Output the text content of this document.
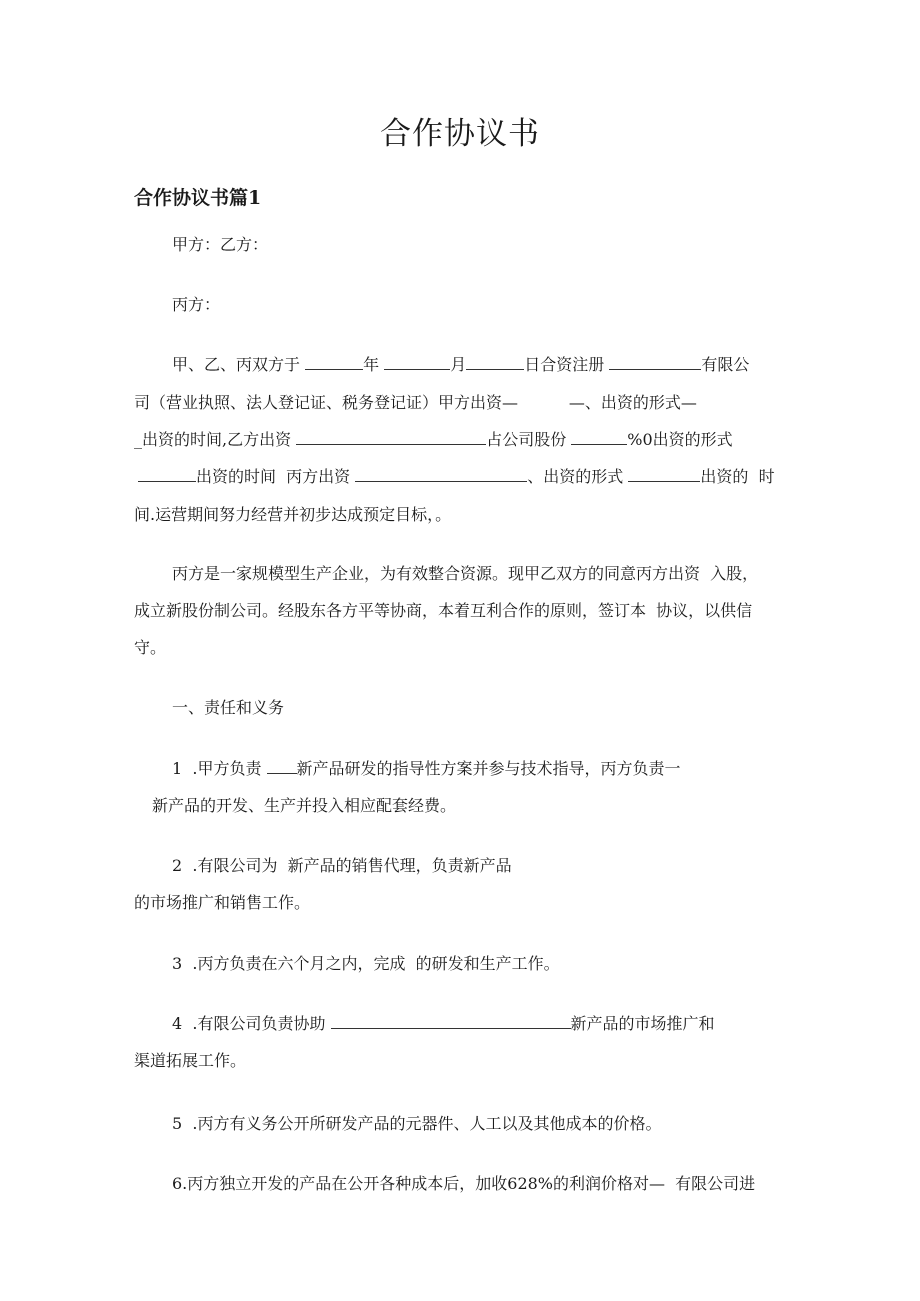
合作协议书
合作协议书篇1
甲方：乙方：
丙方：
甲、乙、丙双方于	年	月	日合资注册	有限公
司（营业执照、法人登记证、税务登记证）甲方出资—          —、出资的形式—
_出资的时间,乙方出资	占公司股份	%0出资的形式
出资的时间  丙方出资	、出资的形式	出资的  时
间.运营期间努力经营并初步达成预定目标，。
丙方是一家规模型生产企业，为有效整合资源。现甲乙双方的同意丙方出资  入股，
成立新股份制公司。经股东各方平等协商，本着互利合作的原则，签订本  协议，以供信
守。
一、责任和义务
1  .甲方负责 新产品研发的指导性方案并参与技术指导，丙方负责一
新产品的开发、生产并投入相应配套经费。
2  .有限公司为  新产品的销售代理，负责新产品
的市场推广和销售工作。
3  .丙方负责在六个月之内，完成  的研发和生产工作。
4  .有限公司负责协助	新产品的市场推广和
渠道拓展工作。
5  .丙方有义务公开所研发产品的元器件、人工以及其他成本的价格。
6.丙方独立开发的产品在公开各种成本后，加收628%的利润价格对—  有限公司进
